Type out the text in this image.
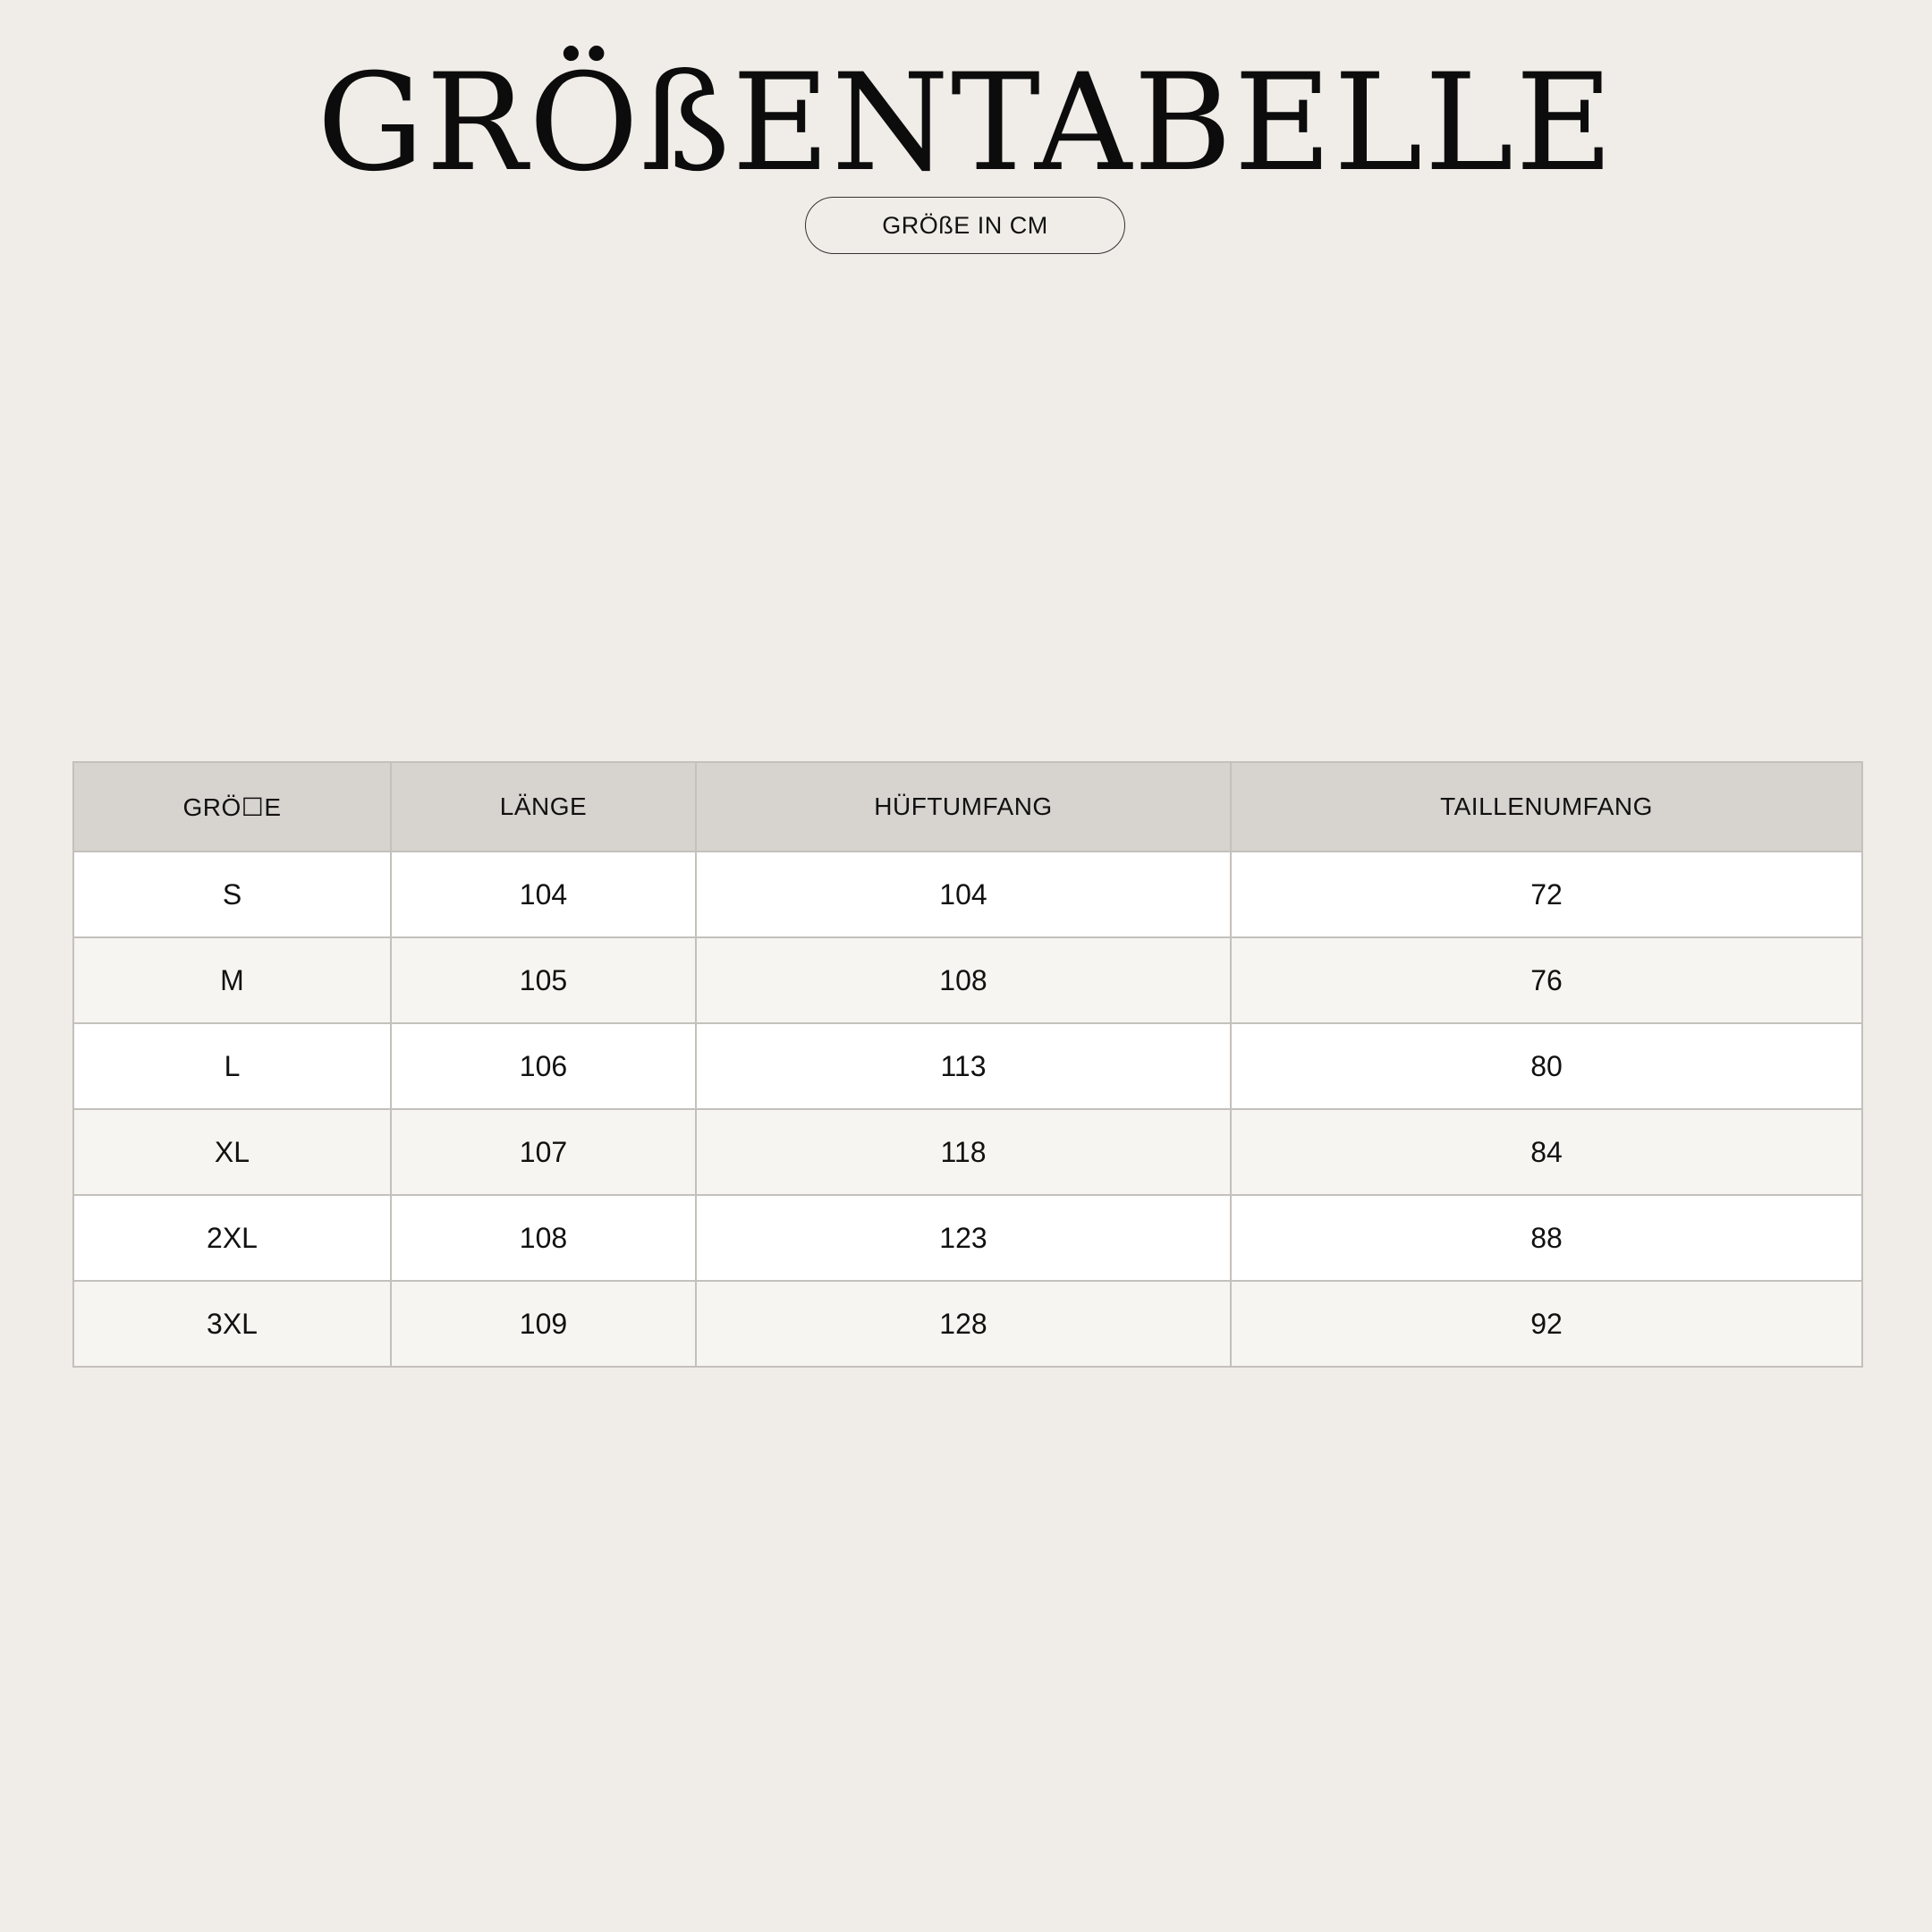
GRÖßENTABELLE
GRÖßE IN CM
GRÖ☐E	LÄNGE	HÜFTUMFANG	TAILLENUMFANG
S	104	104	72
M	105	108	76
L	106	113	80
XL	107	118	84
2XL	108	123	88
3XL	109	128	92
